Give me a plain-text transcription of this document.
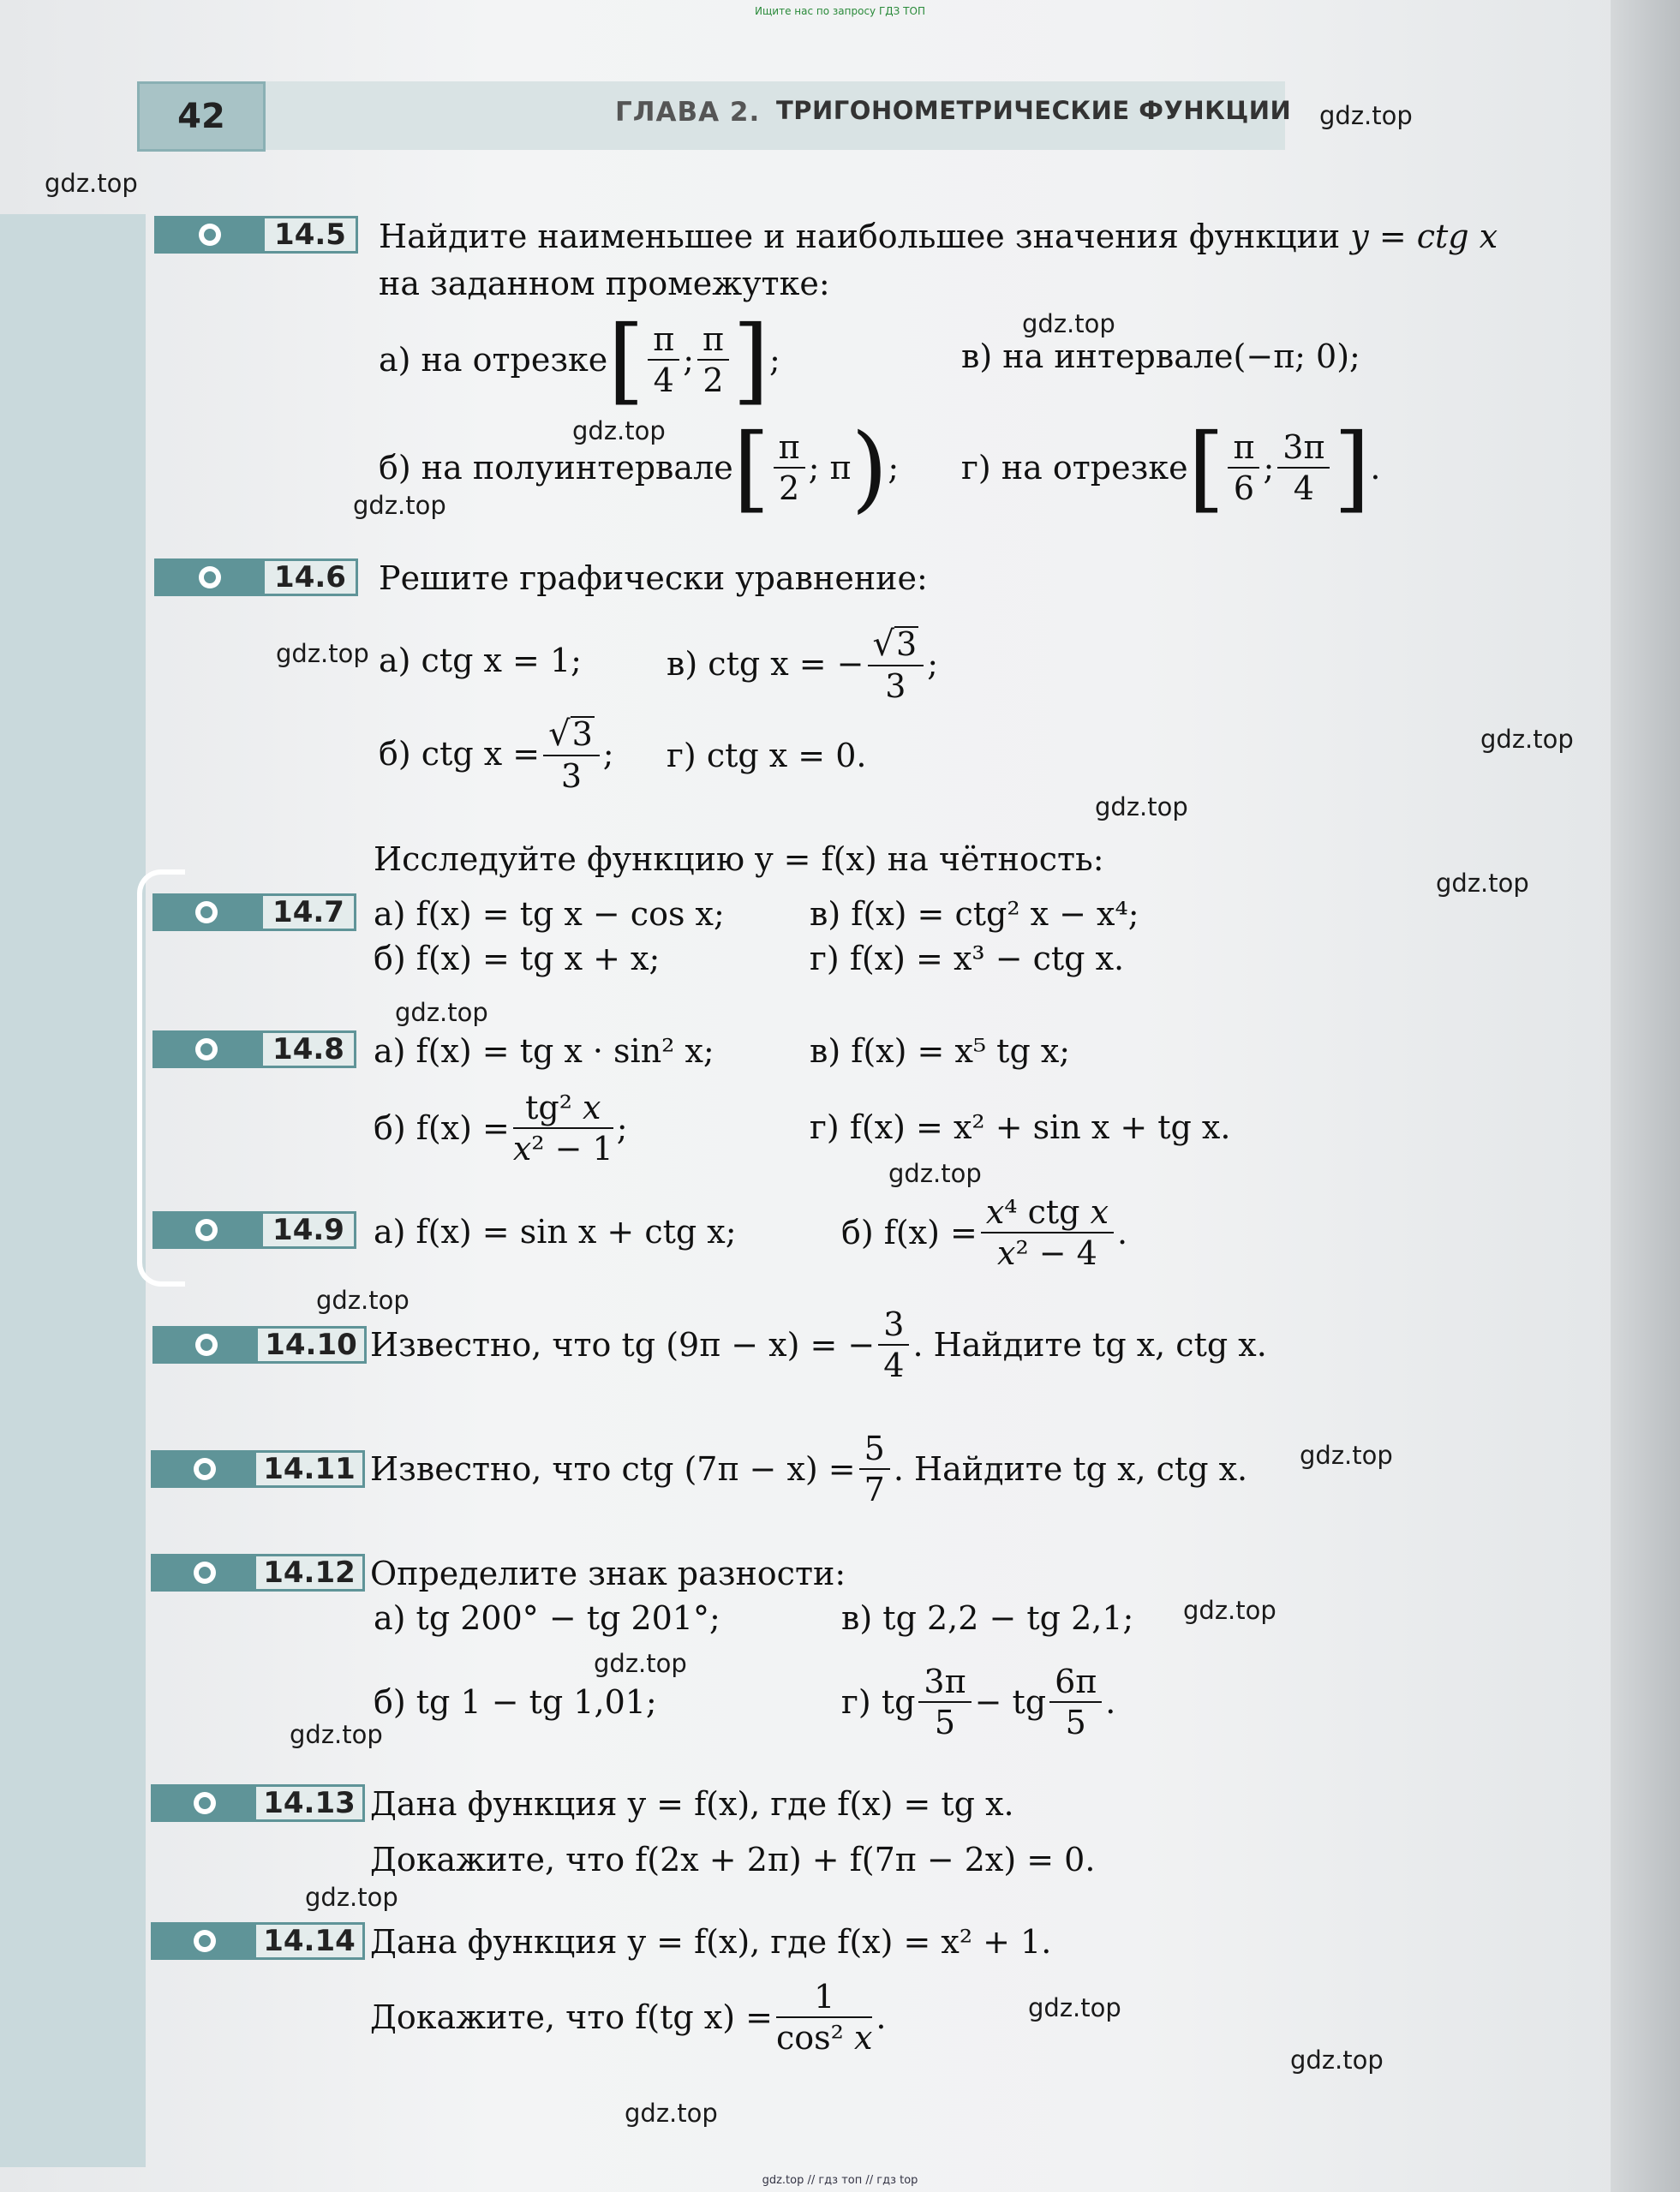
Ищите нас по запросу ГДЗ ТОП
42	ГЛАВА 2. ТРИГОНОМЕТРИЧЕСКИЕ ФУНКЦИИ gdz.top
gdz.top
gdz.top
gdz.top
gdz.top
gdz.top
gdz.top
gdz.top
gdz.top
gdz.top
gdz.top
gdz.top
gdz.top
gdz.top
gdz.top
gdz.top
gdz.top
gdz.top
gdz.top
gdz.top
14.5	Найдите наименьшее и наибольшее значения функции y = ctg x
на заданном промежутке:
а) на отрезке [ $\frac{\pi}{4}$ ; $\frac{\pi}{2}$ ] ;	в) на интервале(−π; 0);
б) на полуинтервале [ $\frac{\pi}{2}$ ; π ) ; г) на отрезке [ $\frac{\pi}{6}$ ; $\frac{3\pi}{4}$ ] .
14.6	Решите графически уравнение:
а) ctg x = 1;	в) ctg x = − $\frac{√3}{3}$ ;
б) ctg $x = \frac{√3}{3}$ ; г) ctg x = 0.
Исследуйте функцию y = f(x) на чётность:
14.7 а) f(x) = tg x − cos x;	в) f(x) = ctg² x − x⁴;
б) f(x) = tg x + x;	г) f(x) = x³ − ctg x.
14.8 а) f(x) = tg x · sin² x;	в) f(x) = x⁵ tg x;
б) $f(x) = \frac{\text{tg² x}}{\text{x² − 1}}$ ;	г) f(x) = x² + sin x + tg x.
14.9 а) f(x) = sin x + ctg x;	б) $f(x) = \frac{\text{x⁴ ctg x}}{\text{x² − 4}}$ .
14.10 Известно, что tg (9π − x) = − $\frac{3}{4}$ . Найдите tg x, ctg x.
14.11 Известно, что ctg $(7\pi - x) = \frac{5}{7}$ . Найдите tg x, ctg x.
14.12 Определите знак разности:
а) tg 200° − tg 201°;	в) tg 2,2 − tg 2,1;
б) tg 1 − tg 1,01;	г) tg $\frac{3\pi}{5}$ − tg $\frac{6\pi}{5}$ .
14.13 Дана функция y = f(x), где f(x) = tg x.
Докажите, что f(2x + 2π) + f(7π − 2x) = 0.
14.14 Дана функция y = f(x), где f(x) = x² + 1.
Докажите, что f(tg $x) = \frac{1}{\text{cos² x}}$ .
gdz.top // гдз топ // гдз top
